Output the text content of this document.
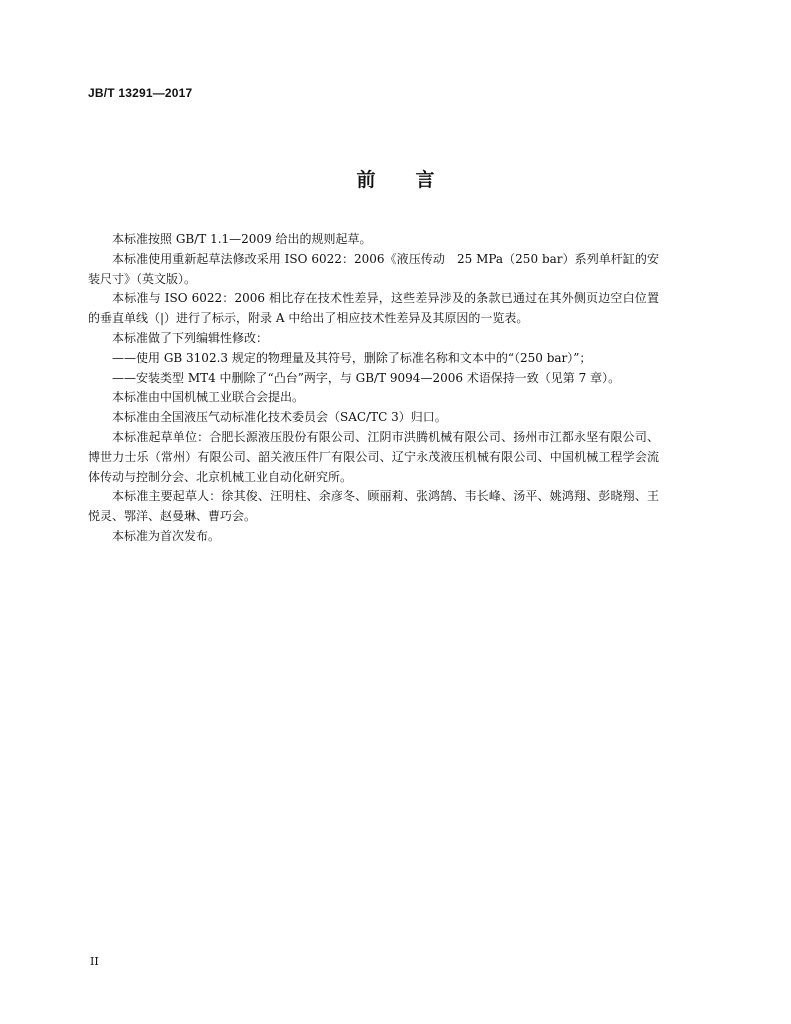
JB/T 13291—2017
前言

本标准按照 GB/T 1.1—2009 给出的规则起草。

本标准使用重新起草法修改采用 ISO 6022：2006《液压传动　25 MPa（250 bar）系列单杆缸的安装尺寸》（英文版）。

本标准与 ISO 6022：2006 相比存在技术性差异，这些差异涉及的条款已通过在其外侧页边空白位置的垂直单线（|）进行了标示，附录 A 中给出了相应技术性差异及其原因的一览表。

本标准做了下列编辑性修改：

——使用 GB 3102.3 规定的物理量及其符号，删除了标准名称和文本中的“（250 bar）”；

——安装类型 MT4 中删除了“凸台”两字，与 GB/T 9094—2006 术语保持一致（见第 7 章）。

本标准由中国机械工业联合会提出。

本标准由全国液压气动标准化技术委员会（SAC/TC 3）归口。

本标准起草单位：合肥长源液压股份有限公司、江阴市洪腾机械有限公司、扬州市江都永坚有限公司、博世力士乐（常州）有限公司、韶关液压件厂有限公司、辽宁永茂液压机械有限公司、中国机械工程学会流体传动与控制分会、北京机械工业自动化研究所。

本标准主要起草人：徐其俊、汪明柱、余彦冬、顾丽莉、张鸿鹄、韦长峰、汤平、姚鸿翔、彭晓翔、王悦灵、鄂洋、赵曼琳、曹巧会。

本标准为首次发布。

II
